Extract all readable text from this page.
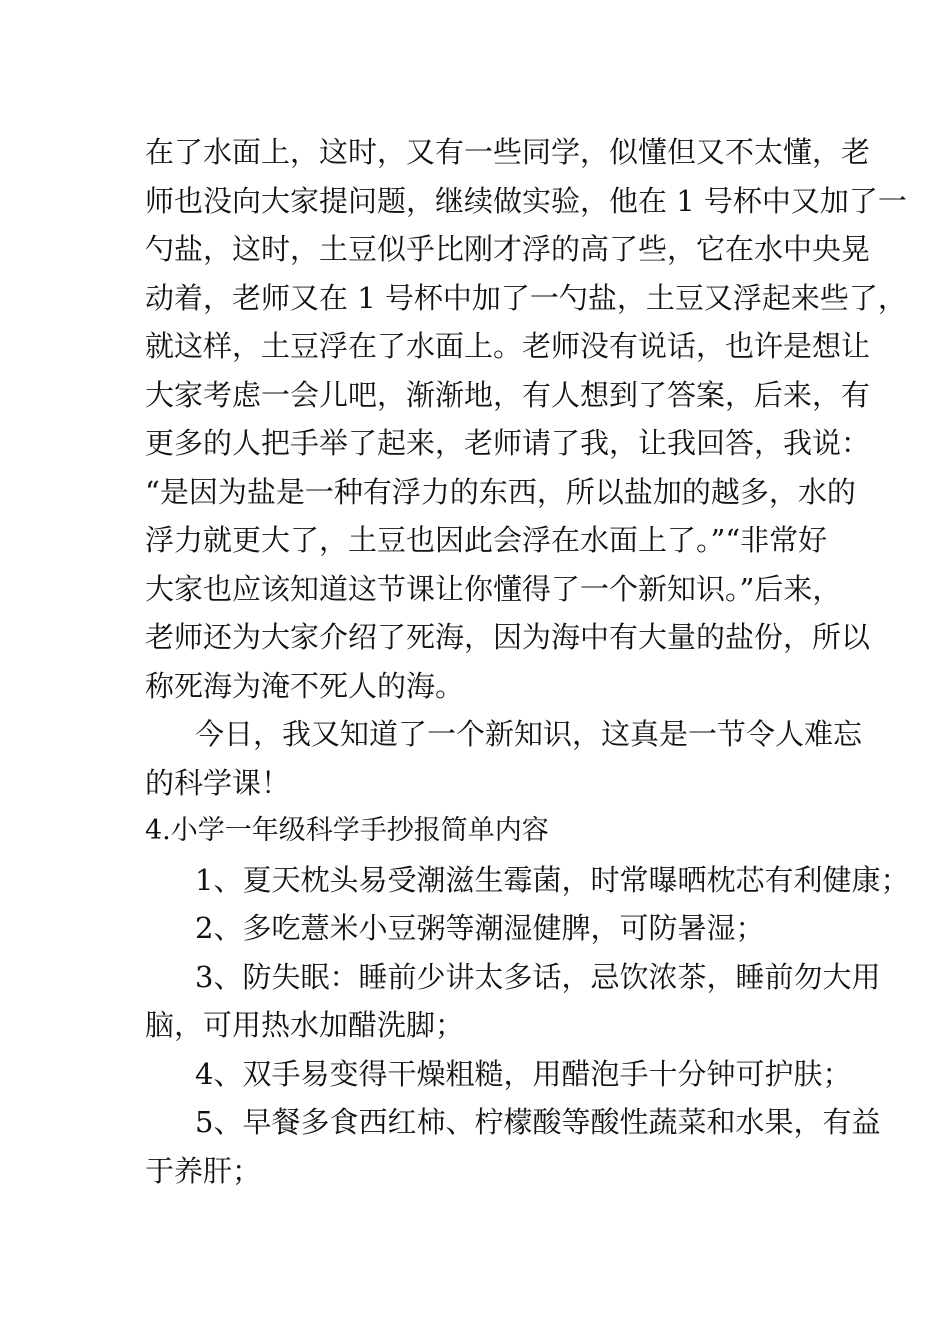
在了水面上，这时，又有一些同学，似懂但又不太懂，老
师也没向大家提问题，继续做实验，他在 1 号杯中又加了一
勺盐，这时，土豆似乎比刚才浮的高了些，它在水中央晃
动着，老师又在 1 号杯中加了一勺盐，土豆又浮起来些了，
就这样，土豆浮在了水面上。老师没有说话，也许是想让
大家考虑一会儿吧，渐渐地，有人想到了答案，后来，有
更多的人把手举了起来，老师请了我，让我回答，我说：
“是因为盐是一种有浮力的东西，所以盐加的越多，水的
浮力就更大了，土豆也因此会浮在水面上了。”“非常好
大家也应该知道这节课让你懂得了一个新知识。”后来，
老师还为大家介绍了死海，因为海中有大量的盐份，所以
称死海为淹不死人的海。
今日，我又知道了一个新知识，这真是一节令人难忘
的科学课！
4.小学一年级科学手抄报简单内容
1、夏天枕头易受潮滋生霉菌，时常曝晒枕芯有利健康；
2、多吃薏米小豆粥等潮湿健脾，可防暑湿；
3、防失眠：睡前少讲太多话，忌饮浓茶，睡前勿大用
脑，可用热水加醋洗脚；
4、双手易变得干燥粗糙，用醋泡手十分钟可护肤；
5、早餐多食西红柿、柠檬酸等酸性蔬菜和水果，有益
于养肝；
